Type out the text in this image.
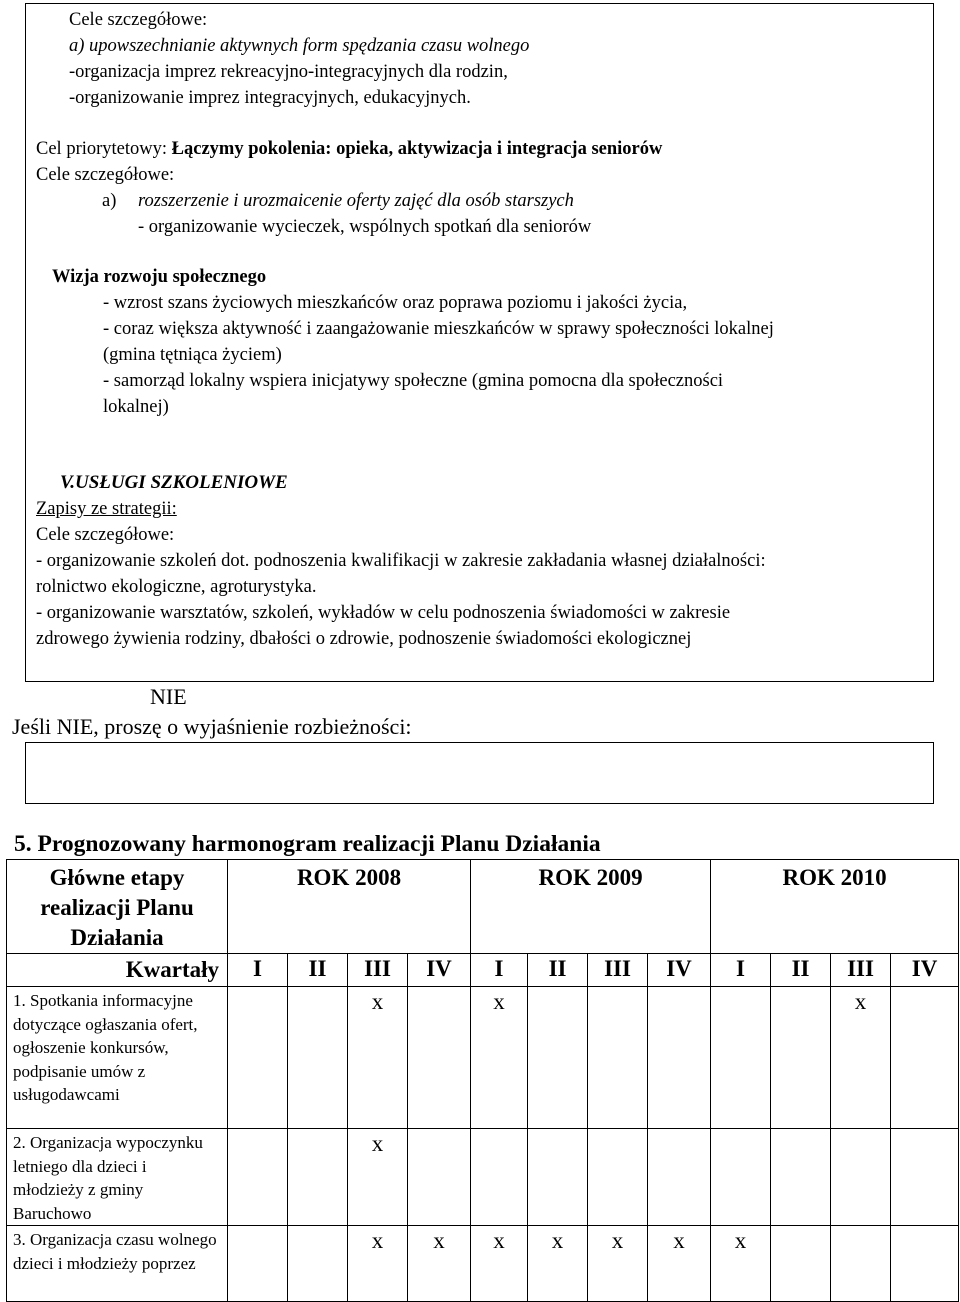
Cele szczegółowe:
a) upowszechnianie aktywnych form spędzania czasu wolnego
-organizacja imprez rekreacyjno-integracyjnych dla rodzin,
-organizowanie imprez integracyjnych, edukacyjnych.
Cel priorytetowy: Łączymy pokolenia: opieka, aktywizacja i integracja seniorów
Cele szczegółowe:
a) rozszerzenie i urozmaicenie oferty zajęć dla osób starszych
- organizowanie wycieczek, wspólnych spotkań dla seniorów
Wizja rozwoju społecznego
- wzrost szans życiowych mieszkańców oraz poprawa poziomu i jakości życia,
- coraz większa aktywność i zaangażowanie mieszkańców w sprawy społeczności lokalnej
(gmina tętniąca życiem)
- samorząd lokalny wspiera inicjatywy społeczne (gmina pomocna dla społeczności
lokalnej)
V.USŁUGI SZKOLENIOWE
Zapisy ze strategii:
Cele szczegółowe:
- organizowanie szkoleń dot. podnoszenia kwalifikacji w zakresie zakładania własnej działalności:
rolnictwo ekologiczne, agroturystyka.
- organizowanie warsztatów, szkoleń, wykładów w celu podnoszenia świadomości w zakresie
zdrowego żywienia rodziny, dbałości o zdrowie, podnoszenie świadomości ekologicznej
NIE
Jeśli NIE, proszę o wyjaśnienie rozbieżności:
5. Prognozowany harmonogram realizacji Planu Działania
Główne etapy realizacji Planu Działania	ROK 2008				ROK 2009				ROK 2010			
Kwartały	I	II	III	IV	I	II	III	IV	I	II	III	IV
1. Spotkania informacyjne dotyczące ogłaszania ofert, ogłoszenie konkursów, podpisanie umów z usługodawcami			x		x						x	
2. Organizacja wypoczynku letniego dla dzieci i młodzieży z gminy Baruchowo			x									
3. Organizacja czasu wolnego dzieci i młodzieży poprzez			x	x	x	x	x	x	x			
